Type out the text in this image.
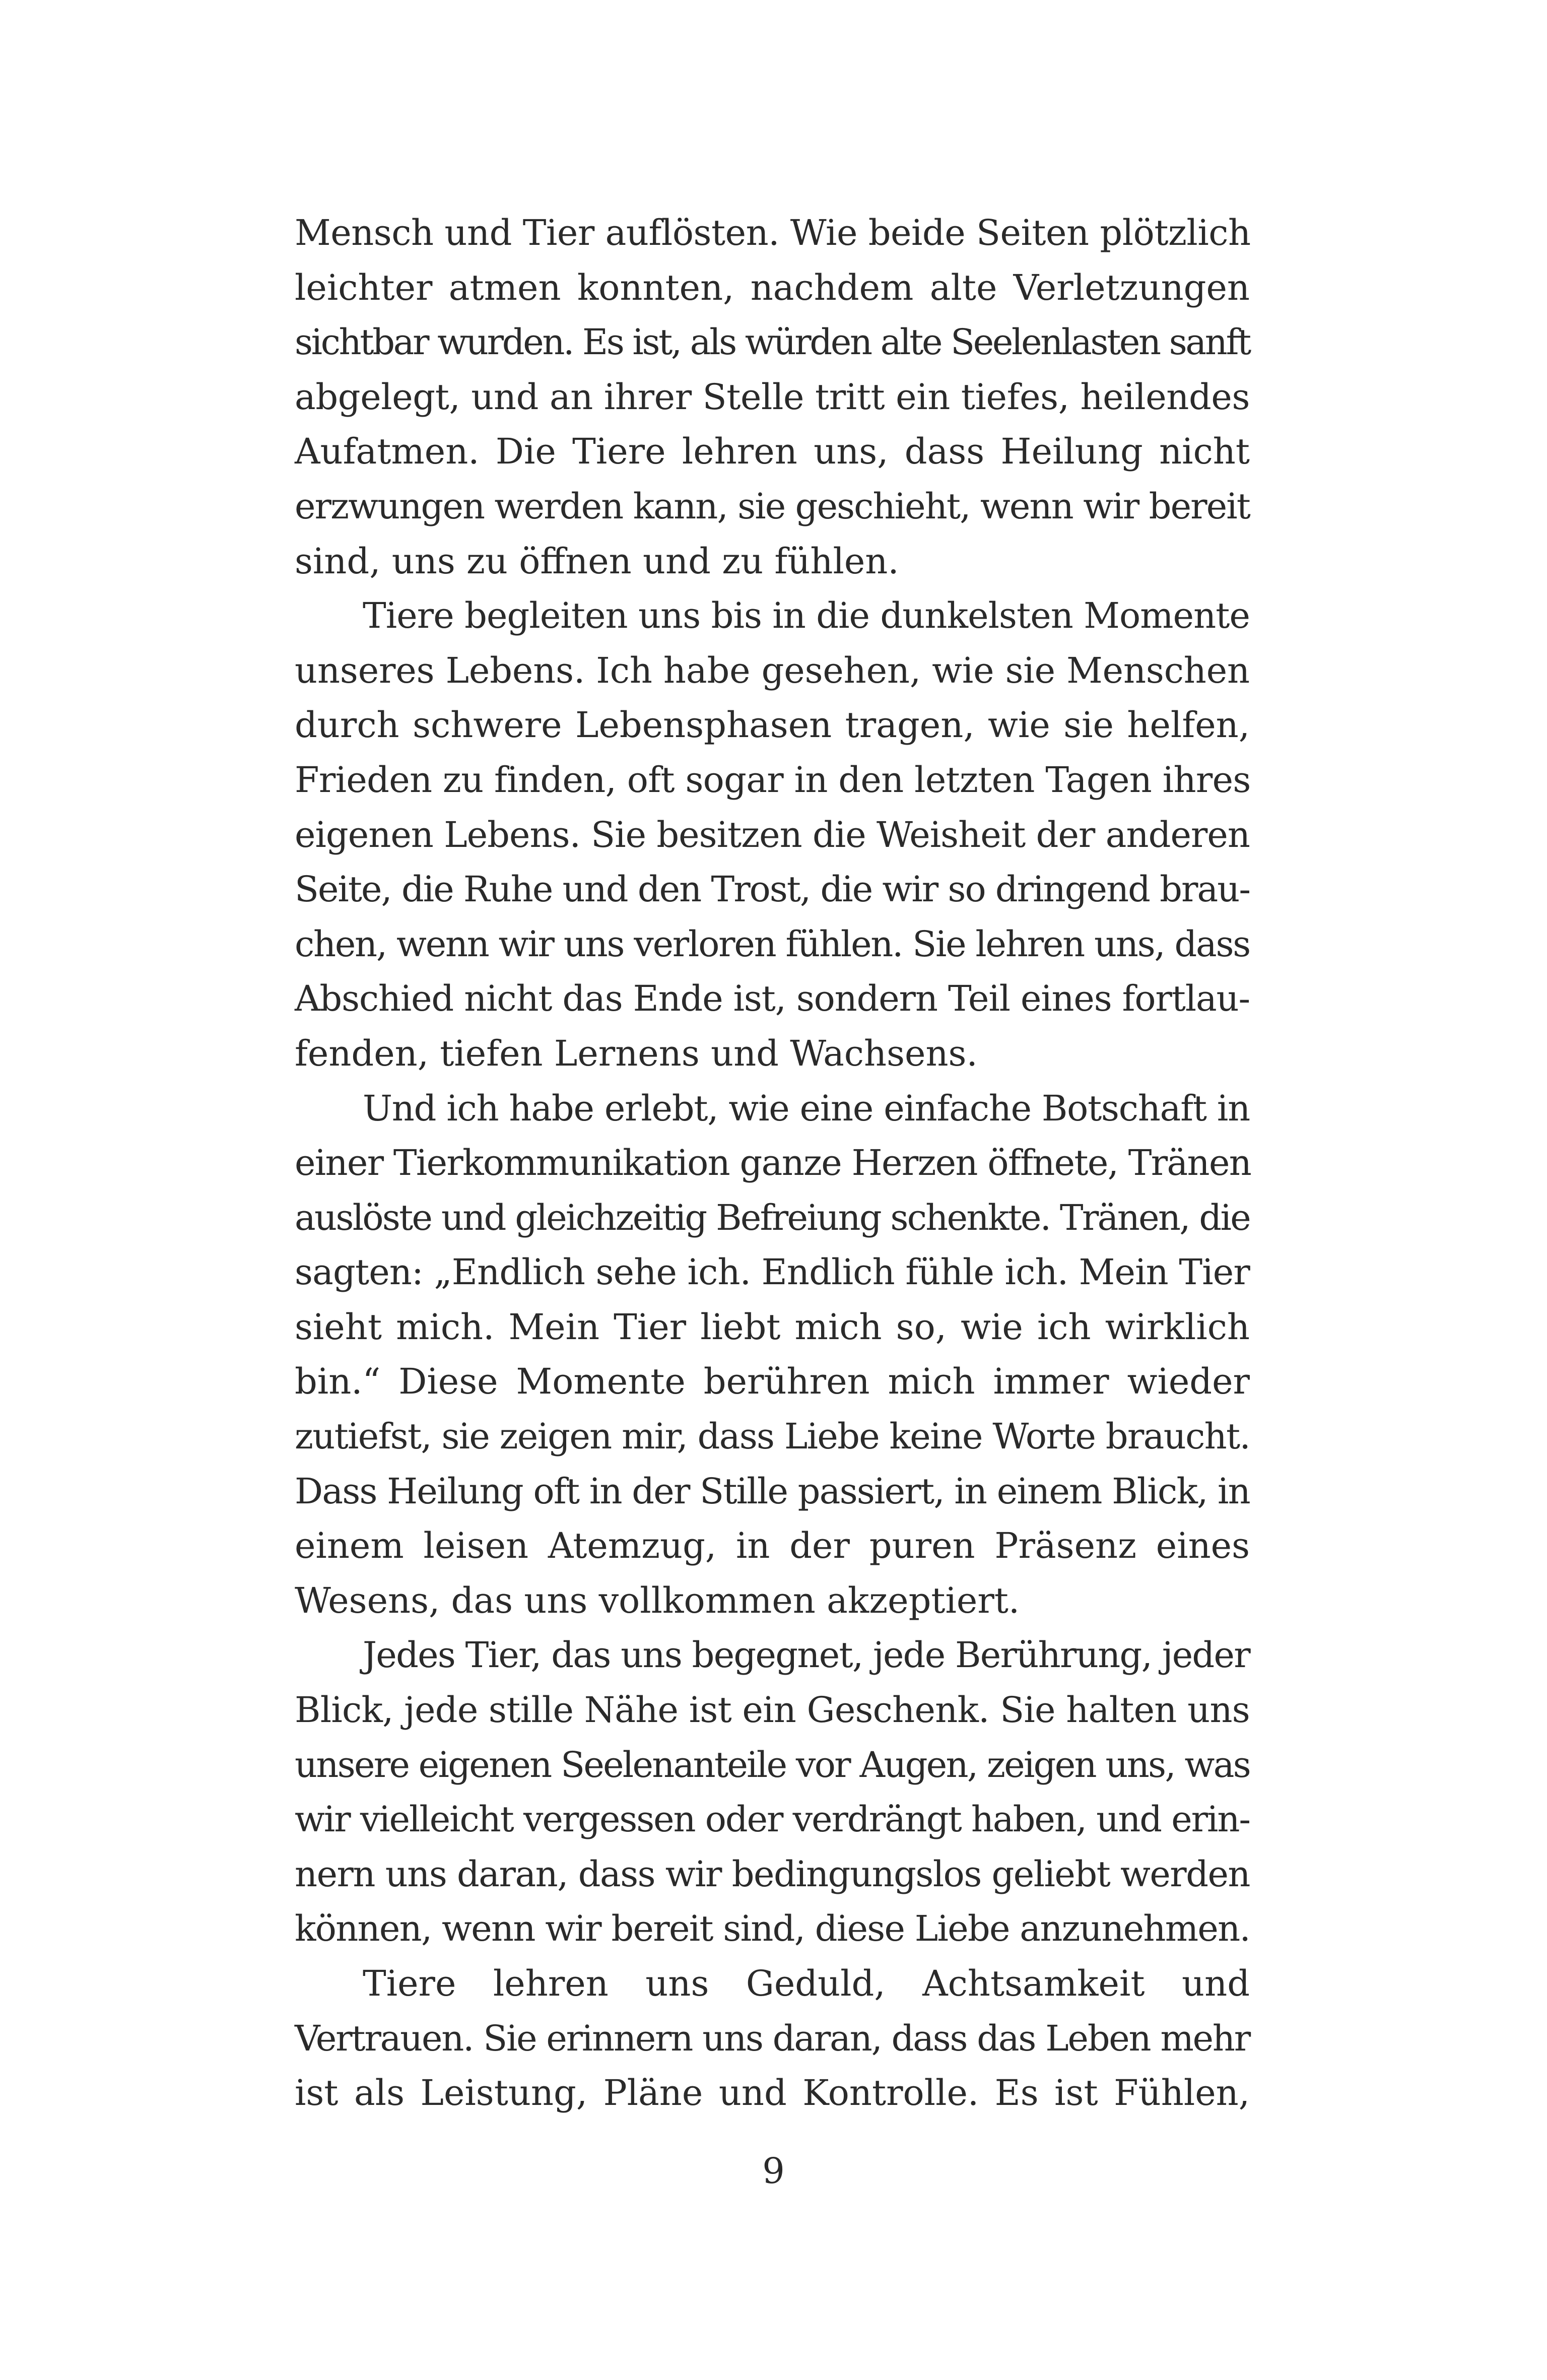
Mensch und Tier auflösten. Wie beide Seiten plötzlich
leichter atmen konnten, nachdem alte Verletzungen
sichtbar wurden. Es ist, als würden alte Seelenlasten sanft
abgelegt, und an ihrer Stelle tritt ein tiefes, heilendes
Aufatmen. Die Tiere lehren uns, dass Heilung nicht
erzwungen werden kann, sie geschieht, wenn wir bereit
sind, uns zu öffnen und zu fühlen.
Tiere begleiten uns bis in die dunkelsten Momente
unseres Lebens. Ich habe gesehen, wie sie Menschen
durch schwere Lebensphasen tragen, wie sie helfen,
Frieden zu finden, oft sogar in den letzten Tagen ihres
eigenen Lebens. Sie besitzen die Weisheit der anderen
Seite, die Ruhe und den Trost, die wir so dringend brau-
chen, wenn wir uns verloren fühlen. Sie lehren uns, dass
Abschied nicht das Ende ist, sondern Teil eines fortlau-
fenden, tiefen Lernens und Wachsens.
Und ich habe erlebt, wie eine einfache Botschaft in
einer Tierkommunikation ganze Herzen öffnete, Tränen
auslöste und gleichzeitig Befreiung schenkte. Tränen, die
sagten: „Endlich sehe ich. Endlich fühle ich. Mein Tier
sieht mich. Mein Tier liebt mich so, wie ich wirklich
bin.“ Diese Momente berühren mich immer wieder
zutiefst, sie zeigen mir, dass Liebe keine Worte braucht.
Dass Heilung oft in der Stille passiert, in einem Blick, in
einem leisen Atemzug, in der puren Präsenz eines
Wesens, das uns vollkommen akzeptiert.
Jedes Tier, das uns begegnet, jede Berührung, jeder
Blick, jede stille Nähe ist ein Geschenk. Sie halten uns
unsere eigenen Seelenanteile vor Augen, zeigen uns, was
wir vielleicht vergessen oder verdrängt haben, und erin-
nern uns daran, dass wir bedingungslos geliebt werden
können, wenn wir bereit sind, diese Liebe anzunehmen.
Tiere lehren uns Geduld, Achtsamkeit und
Vertrauen. Sie erinnern uns daran, dass das Leben mehr
ist als Leistung, Pläne und Kontrolle. Es ist Fühlen,
9
